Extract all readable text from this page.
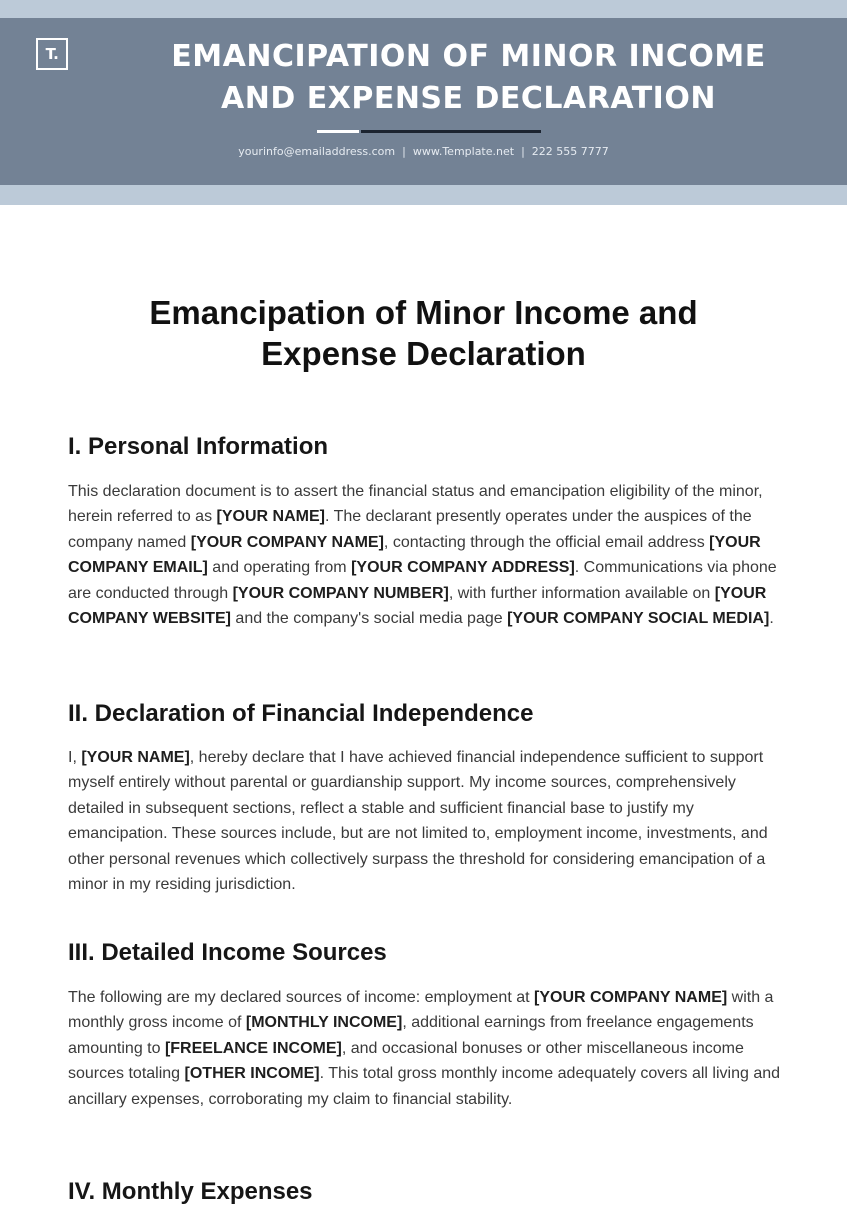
T.	EMANCIPATION OF MINOR INCOME
AND EXPENSE DECLARATION
yourinfo@emailaddress.com | www.Template.net | 222 555 7777
Emancipation of Minor Income and
Expense Declaration
I. Personal Information

This declaration document is to assert the financial status and emancipation eligibility of the minor, herein referred to as [YOUR NAME]. The declarant presently operates under the auspices of the company named [YOUR COMPANY NAME], contacting through the official email address [YOUR COMPANY EMAIL] and operating from [YOUR COMPANY ADDRESS]. Communications via phone are conducted through [YOUR COMPANY NUMBER], with further information available on [YOUR COMPANY WEBSITE] and the company's social media page [YOUR COMPANY SOCIAL MEDIA].

II. Declaration of Financial Independence

I, [YOUR NAME], hereby declare that I have achieved financial independence sufficient to support myself entirely without parental or guardianship support. My income sources, comprehensively detailed in subsequent sections, reflect a stable and sufficient financial base to justify my emancipation. These sources include, but are not limited to, employment income, investments, and other personal revenues which collectively surpass the threshold for considering emancipation of a minor in my residing jurisdiction.

III. Detailed Income Sources

The following are my declared sources of income: employment at [YOUR COMPANY NAME] with a monthly gross income of [MONTHLY INCOME], additional earnings from freelance engagements amounting to [FREELANCE INCOME], and occasional bonuses or other miscellaneous income sources totaling [OTHER INCOME]. This total gross monthly income adequately covers all living and ancillary expenses, corroborating my claim to financial stability.

IV. Monthly Expenses
